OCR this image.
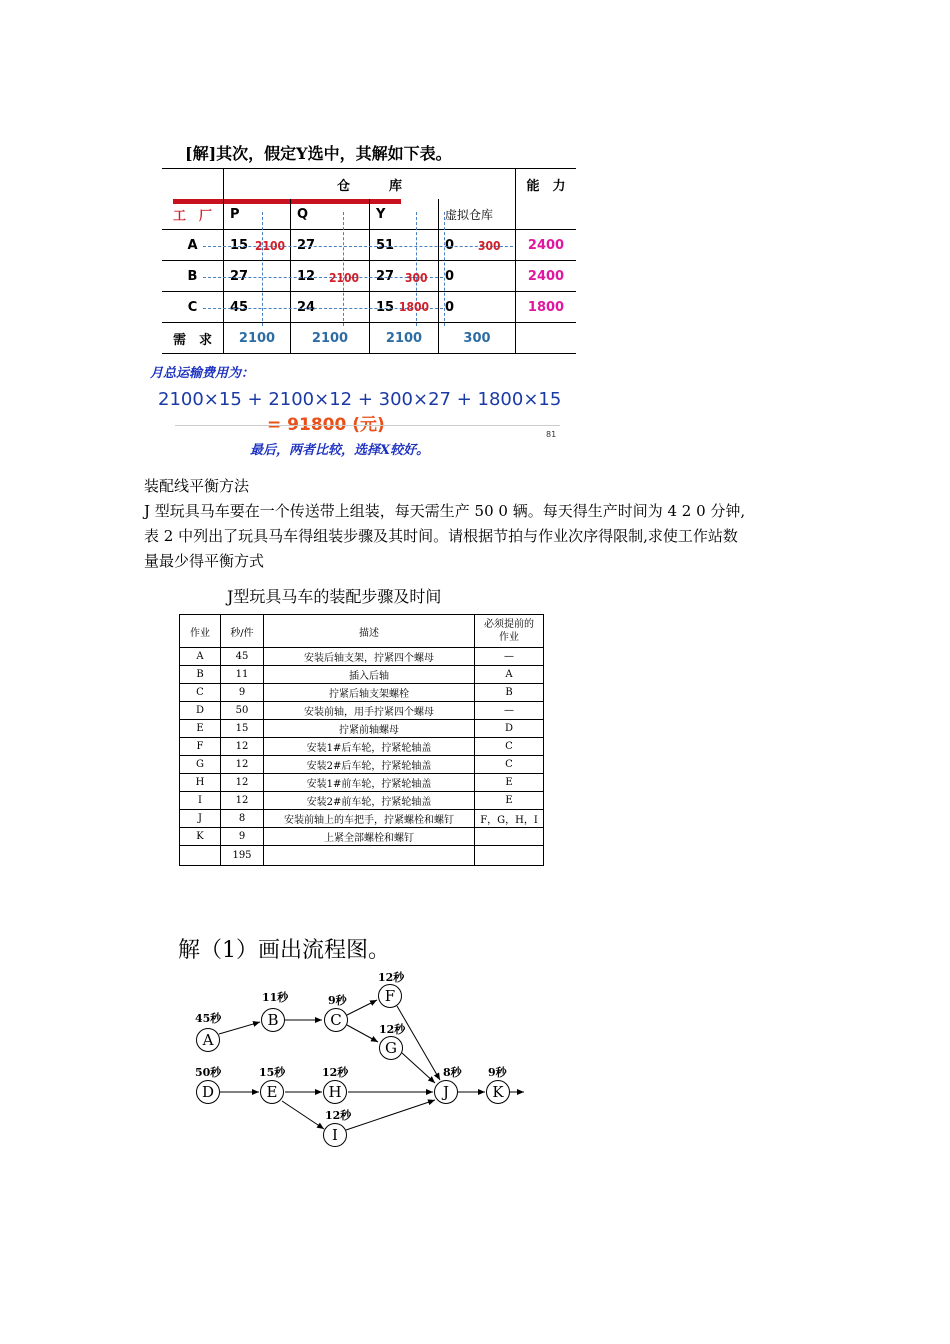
[解]其次，假定Y选中，其解如下表。
	仓　　　库				能　力
工　厂	P	Q	Y	虚拟仓库	
A	15	27	51	0	2400
B	27	12	27	0	2400
C	45	24	15	0	1800
需　求	2100	2100	2100	300	
2100	300
2100	300
1800
月总运输费用为：
2100×15 + 2100×12 + 300×27 + 1800×15
= 91800 (元)	81
最后，两者比较，选择X较好。
装配线平衡方法
J 型玩具马车要在一个传送带上组装，每天需生产 50 0 辆。每天得生产时间为 4 2 0 分钟,
表 2 中列出了玩具马车得组装步骤及其时间。请根据节拍与作业次序得限制,求使工作站数
量最少得平衡方式
J型玩具马车的装配步骤及时间
作业	秒/件	描述	必须提前的
作业
A	45	安装后轴支架，拧紧四个螺母	—
B	11	插入后轴	A
C	9	拧紧后轴支架螺栓	B
D	50	安装前轴，用手拧紧四个螺母	—
E	15	拧紧前轴螺母	D
F	12	安装1#后车轮，拧紧轮轴盖	C
G	12	安装2#后车轮，拧紧轮轴盖	C
H	12	安装1#前车轮，拧紧轮轴盖	E
I	12	安装2#前车轮，拧紧轮轴盖	E
J	8	安装前轴上的车把手，拧紧螺栓和螺钉	F，G，H，I
K	9	上紧全部螺栓和螺钉	
	195		
解（1）画出流程图。
A
45秒	B
11秒
C
9秒	F
12秒
G
12秒
D
50秒
E
15秒
H
12秒
I
12秒
J
8秒
K
9秒
